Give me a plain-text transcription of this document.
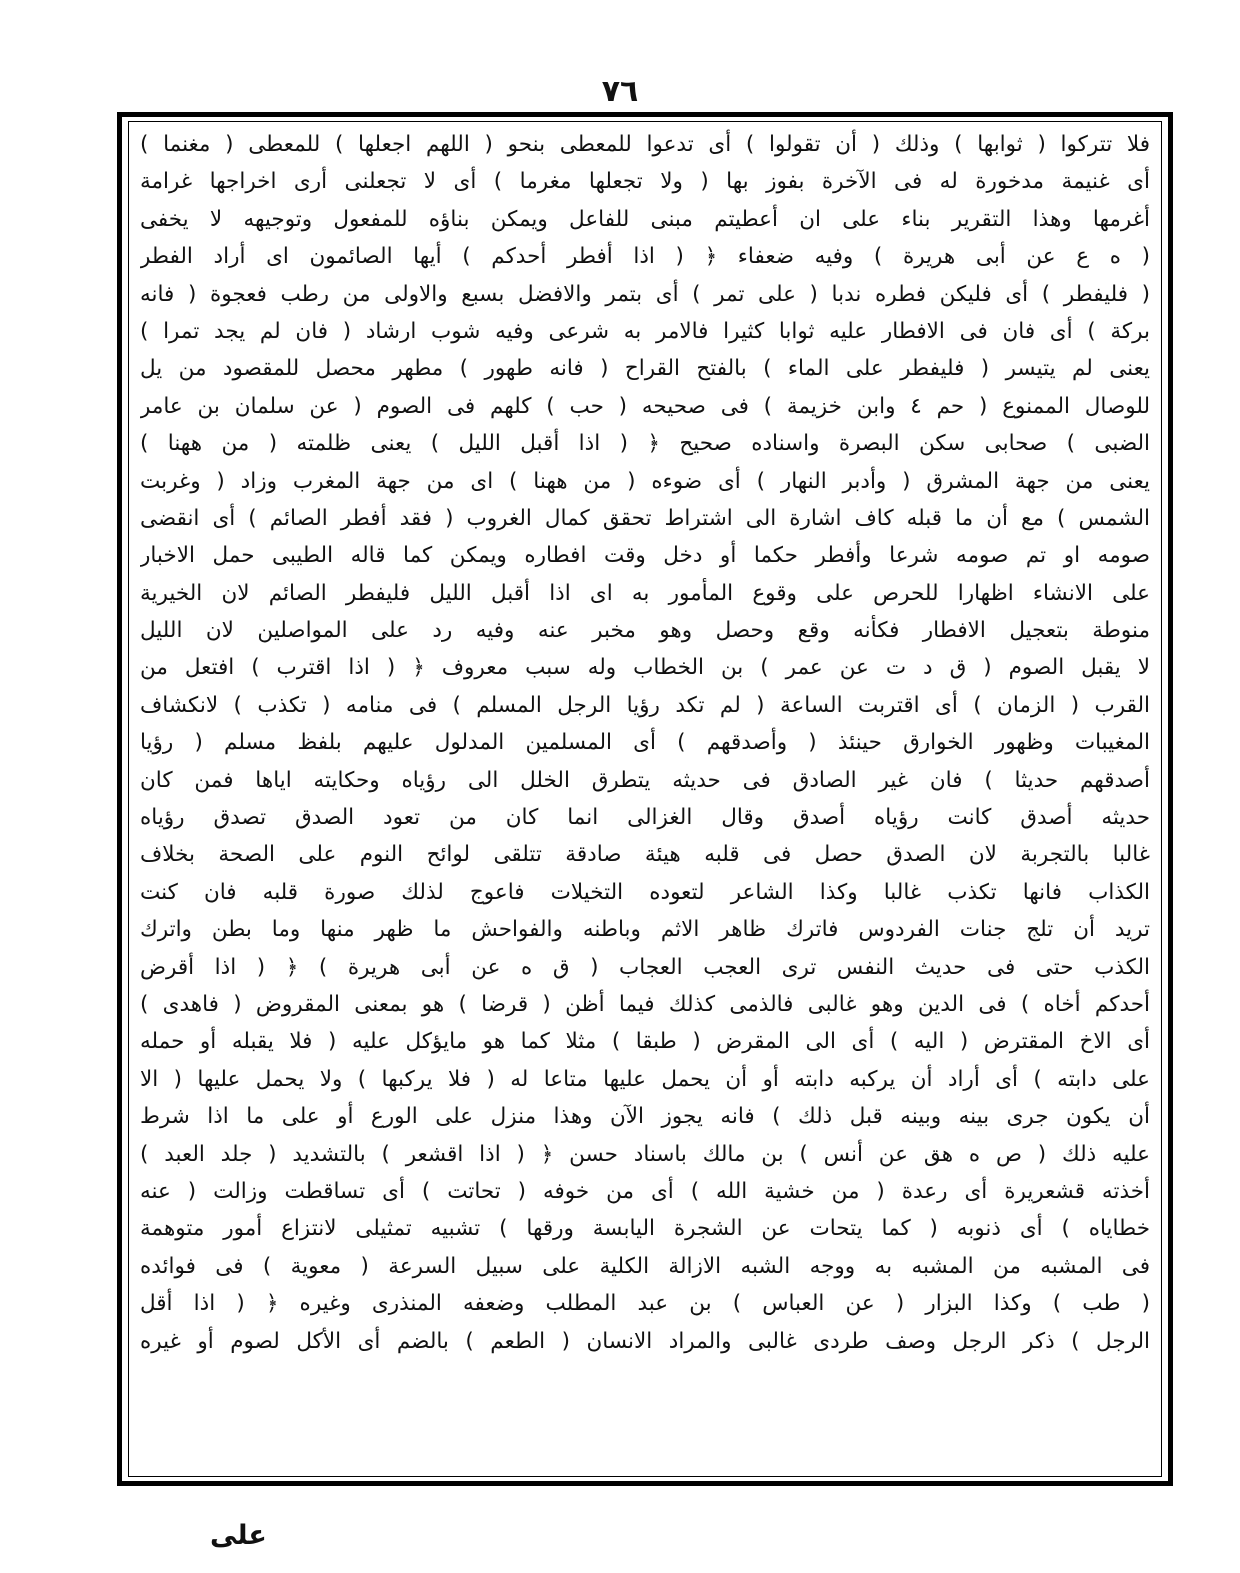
٧٦
فلا تتركوا ( ثوابها ) وذلك ( أن تقولوا ) أى تدعوا للمعطى بنحو ( اللهم اجعلها ) للمعطى ( مغنما )
أى غنيمة مدخورة له فى الآخرة بفوز بها ( ولا تجعلها مغرما ) أى لا تجعلنى أرى اخراجها غرامة
أغرمها وهذا التقرير بناء على ان أعطيتم مبنى للفاعل ويمكن بناؤه للمفعول وتوجيهه لا يخفى
( ه ع عن أبى هريرة ) وفيه ضعفاء ﴿ ( اذا أفطر أحدكم ) أيها الصائمون اى أراد الفطر
( فليفطر ) أى فليكن فطره ندبا ( على تمر ) أى بتمر والافضل بسبع والاولى من رطب فعجوة ( فانه
بركة ) أى فان فى الافطار عليه ثوابا كثيرا فالامر به شرعى وفيه شوب ارشاد ( فان لم يجد تمرا )
يعنى لم يتيسر ( فليفطر على الماء ) بالفتح القراح ( فانه طهور ) مطهر محصل للمقصود من يل
للوصال الممنوع ( حم ٤ وابن خزيمة ) فى صحيحه ( حب ) كلهم فى الصوم ( عن سلمان بن عامر
الضبى ) صحابى سكن البصرة واسناده صحيح ﴿ ( اذا أقبل الليل ) يعنى ظلمته ( من ههنا )
يعنى من جهة المشرق ( وأدبر النهار ) أى ضوءه ( من ههنا ) اى من جهة المغرب وزاد ( وغربت
الشمس ) مع أن ما قبله كاف اشارة الى اشتراط تحقق كمال الغروب ( فقد أفطر الصائم ) أى انقضى
صومه او تم صومه شرعا وأفطر حكما أو دخل وقت افطاره ويمكن كما قاله الطيبى حمل الاخبار
على الانشاء اظهارا للحرص على وقوع المأمور به اى اذا أقبل الليل فليفطر الصائم لان الخيرية
منوطة بتعجيل الافطار فكأنه وقع وحصل وهو مخبر عنه وفيه رد على المواصلين لان الليل
لا يقبل الصوم ( ق د ت عن عمر ) بن الخطاب وله سبب معروف ﴿ ( اذا اقترب ) افتعل من
القرب ( الزمان ) أى اقتربت الساعة ( لم تكد رؤيا الرجل المسلم ) فى منامه ( تكذب ) لانكشاف
المغيبات وظهور الخوارق حينئذ ( وأصدقهم ) أى المسلمين المدلول عليهم بلفظ مسلم ( رؤيا
أصدقهم حديثا ) فان غير الصادق فى حديثه يتطرق الخلل الى رؤياه وحكايته اياها فمن كان
حديثه أصدق كانت رؤياه أصدق وقال الغزالى انما كان من تعود الصدق تصدق رؤياه
غالبا بالتجربة لان الصدق حصل فى قلبه هيئة صادقة تتلقى لوائح النوم على الصحة بخلاف
الكذاب فانها تكذب غالبا وكذا الشاعر لتعوده التخيلات فاعوج لذلك صورة قلبه فان كنت
تريد أن تلج جنات الفردوس فاترك ظاهر الاثم وباطنه والفواحش ما ظهر منها وما بطن واترك
الكذب حتى فى حديث النفس ترى العجب العجاب ( ق ه عن أبى هريرة ) ﴿ ( اذا أقرض
أحدكم أخاه ) فى الدين وهو غالبى فالذمى كذلك فيما أظن ( قرضا ) هو بمعنى المقروض ( فاهدى )
أى الاخ المقترض ( اليه ) أى الى المقرض ( طبقا ) مثلا كما هو مايؤكل عليه ( فلا يقبله أو حمله
على دابته ) أى أراد أن يركبه دابته أو أن يحمل عليها متاعا له ( فلا يركبها ) ولا يحمل عليها ( الا
أن يكون جرى بينه وبينه قبل ذلك ) فانه يجوز الآن وهذا منزل على الورع أو على ما اذا شرط
عليه ذلك ( ص ه هق عن أنس ) بن مالك باسناد حسن ﴿ ( اذا اقشعر ) بالتشديد ( جلد العبد )
أخذته قشعريرة أى رعدة ( من خشية الله ) أى من خوفه ( تحاتت ) أى تساقطت وزالت ( عنه
خطاياه ) أى ذنوبه ( كما يتحات عن الشجرة اليابسة ورقها ) تشبيه تمثيلى لانتزاع أمور متوهمة
فى المشبه من المشبه به ووجه الشبه الازالة الكلية على سبيل السرعة ( معوية ) فى فوائده
( طب ) وكذا البزار ( عن العباس ) بن عبد المطلب وضعفه المنذرى وغيره ﴿ ( اذا أقل
الرجل ) ذكر الرجل وصف طردى غالبى والمراد الانسان ( الطعم ) بالضم أى الأكل لصوم أو غيره
على
